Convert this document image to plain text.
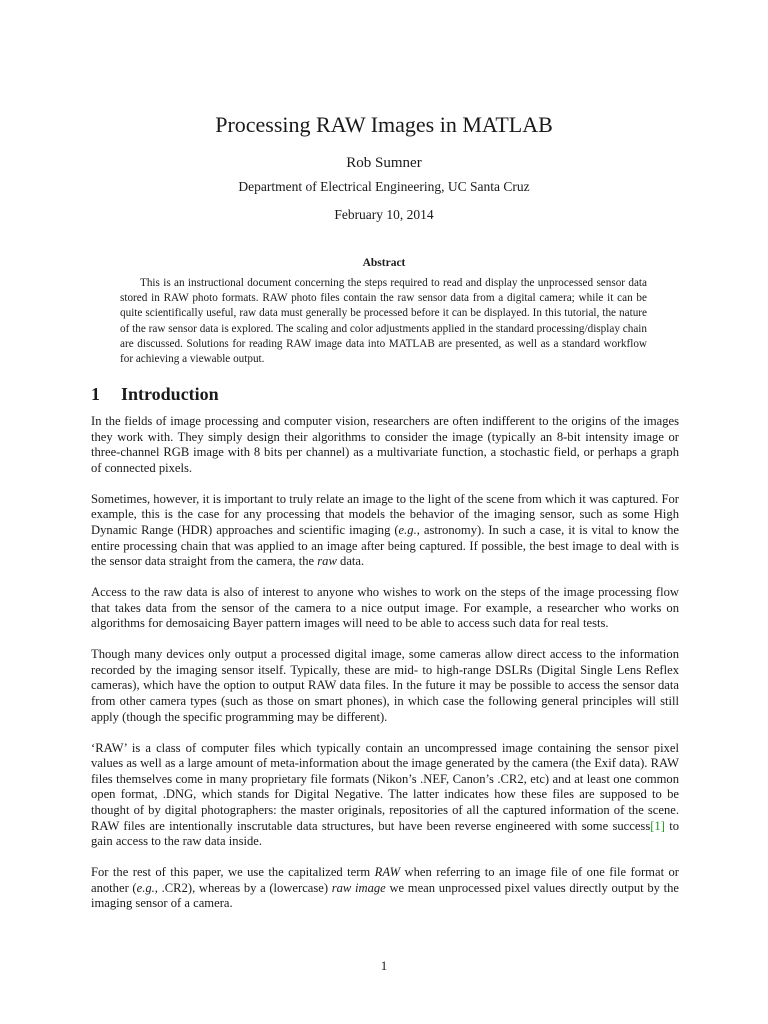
Processing RAW Images in MATLAB
Rob Sumner
Department of Electrical Engineering, UC Santa Cruz
February 10, 2014
Abstract

This is an instructional document concerning the steps required to read and display the unprocessed sensor data stored in RAW photo formats. RAW photo files contain the raw sensor data from a digital camera; while it can be quite scientifically useful, raw data must generally be processed before it can be displayed. In this tutorial, the nature of the raw sensor data is explored. The scaling and color adjustments applied in the standard processing/display chain are discussed. Solutions for reading RAW image data into MATLAB are presented, as well as a standard workflow for achieving a viewable output.

1 Introduction

In the fields of image processing and computer vision, researchers are often indifferent to the origins of the images they work with. They simply design their algorithms to consider the image (typically an 8-bit intensity image or three-channel RGB image with 8 bits per channel) as a multivariate function, a stochastic field, or perhaps a graph of connected pixels.

Sometimes, however, it is important to truly relate an image to the light of the scene from which it was captured. For example, this is the case for any processing that models the behavior of the imaging sensor, such as some High Dynamic Range (HDR) approaches and scientific imaging (e.g., astronomy). In such a case, it is vital to know the entire processing chain that was applied to an image after being captured. If possible, the best image to deal with is the sensor data straight from the camera, the raw data.

Access to the raw data is also of interest to anyone who wishes to work on the steps of the image processing flow that takes data from the sensor of the camera to a nice output image. For example, a researcher who works on algorithms for demosaicing Bayer pattern images will need to be able to access such data for real tests.

Though many devices only output a processed digital image, some cameras allow direct access to the information recorded by the imaging sensor itself. Typically, these are mid- to high-range DSLRs (Digital Single Lens Reflex cameras), which have the option to output RAW data files. In the future it may be possible to access the sensor data from other camera types (such as those on smart phones), in which case the following general principles will still apply (though the specific programming may be different).

‘RAW’ is a class of computer files which typically contain an uncompressed image containing the sensor pixel values as well as a large amount of meta-information about the image generated by the camera (the Exif data). RAW files themselves come in many proprietary file formats (Nikon’s .NEF, Canon’s .CR2, etc) and at least one common open format, .DNG, which stands for Digital Negative. The latter indicates how these files are supposed to be thought of by digital photographers: the master originals, repositories of all the captured information of the scene. RAW files are intentionally inscrutable data structures, but have been reverse engineered with some success[1] to gain access to the raw data inside.

For the rest of this paper, we use the capitalized term RAW when referring to an image file of one file format or another (e.g., .CR2), whereas by a (lowercase) raw image we mean unprocessed pixel values directly output by the imaging sensor of a camera.

1
